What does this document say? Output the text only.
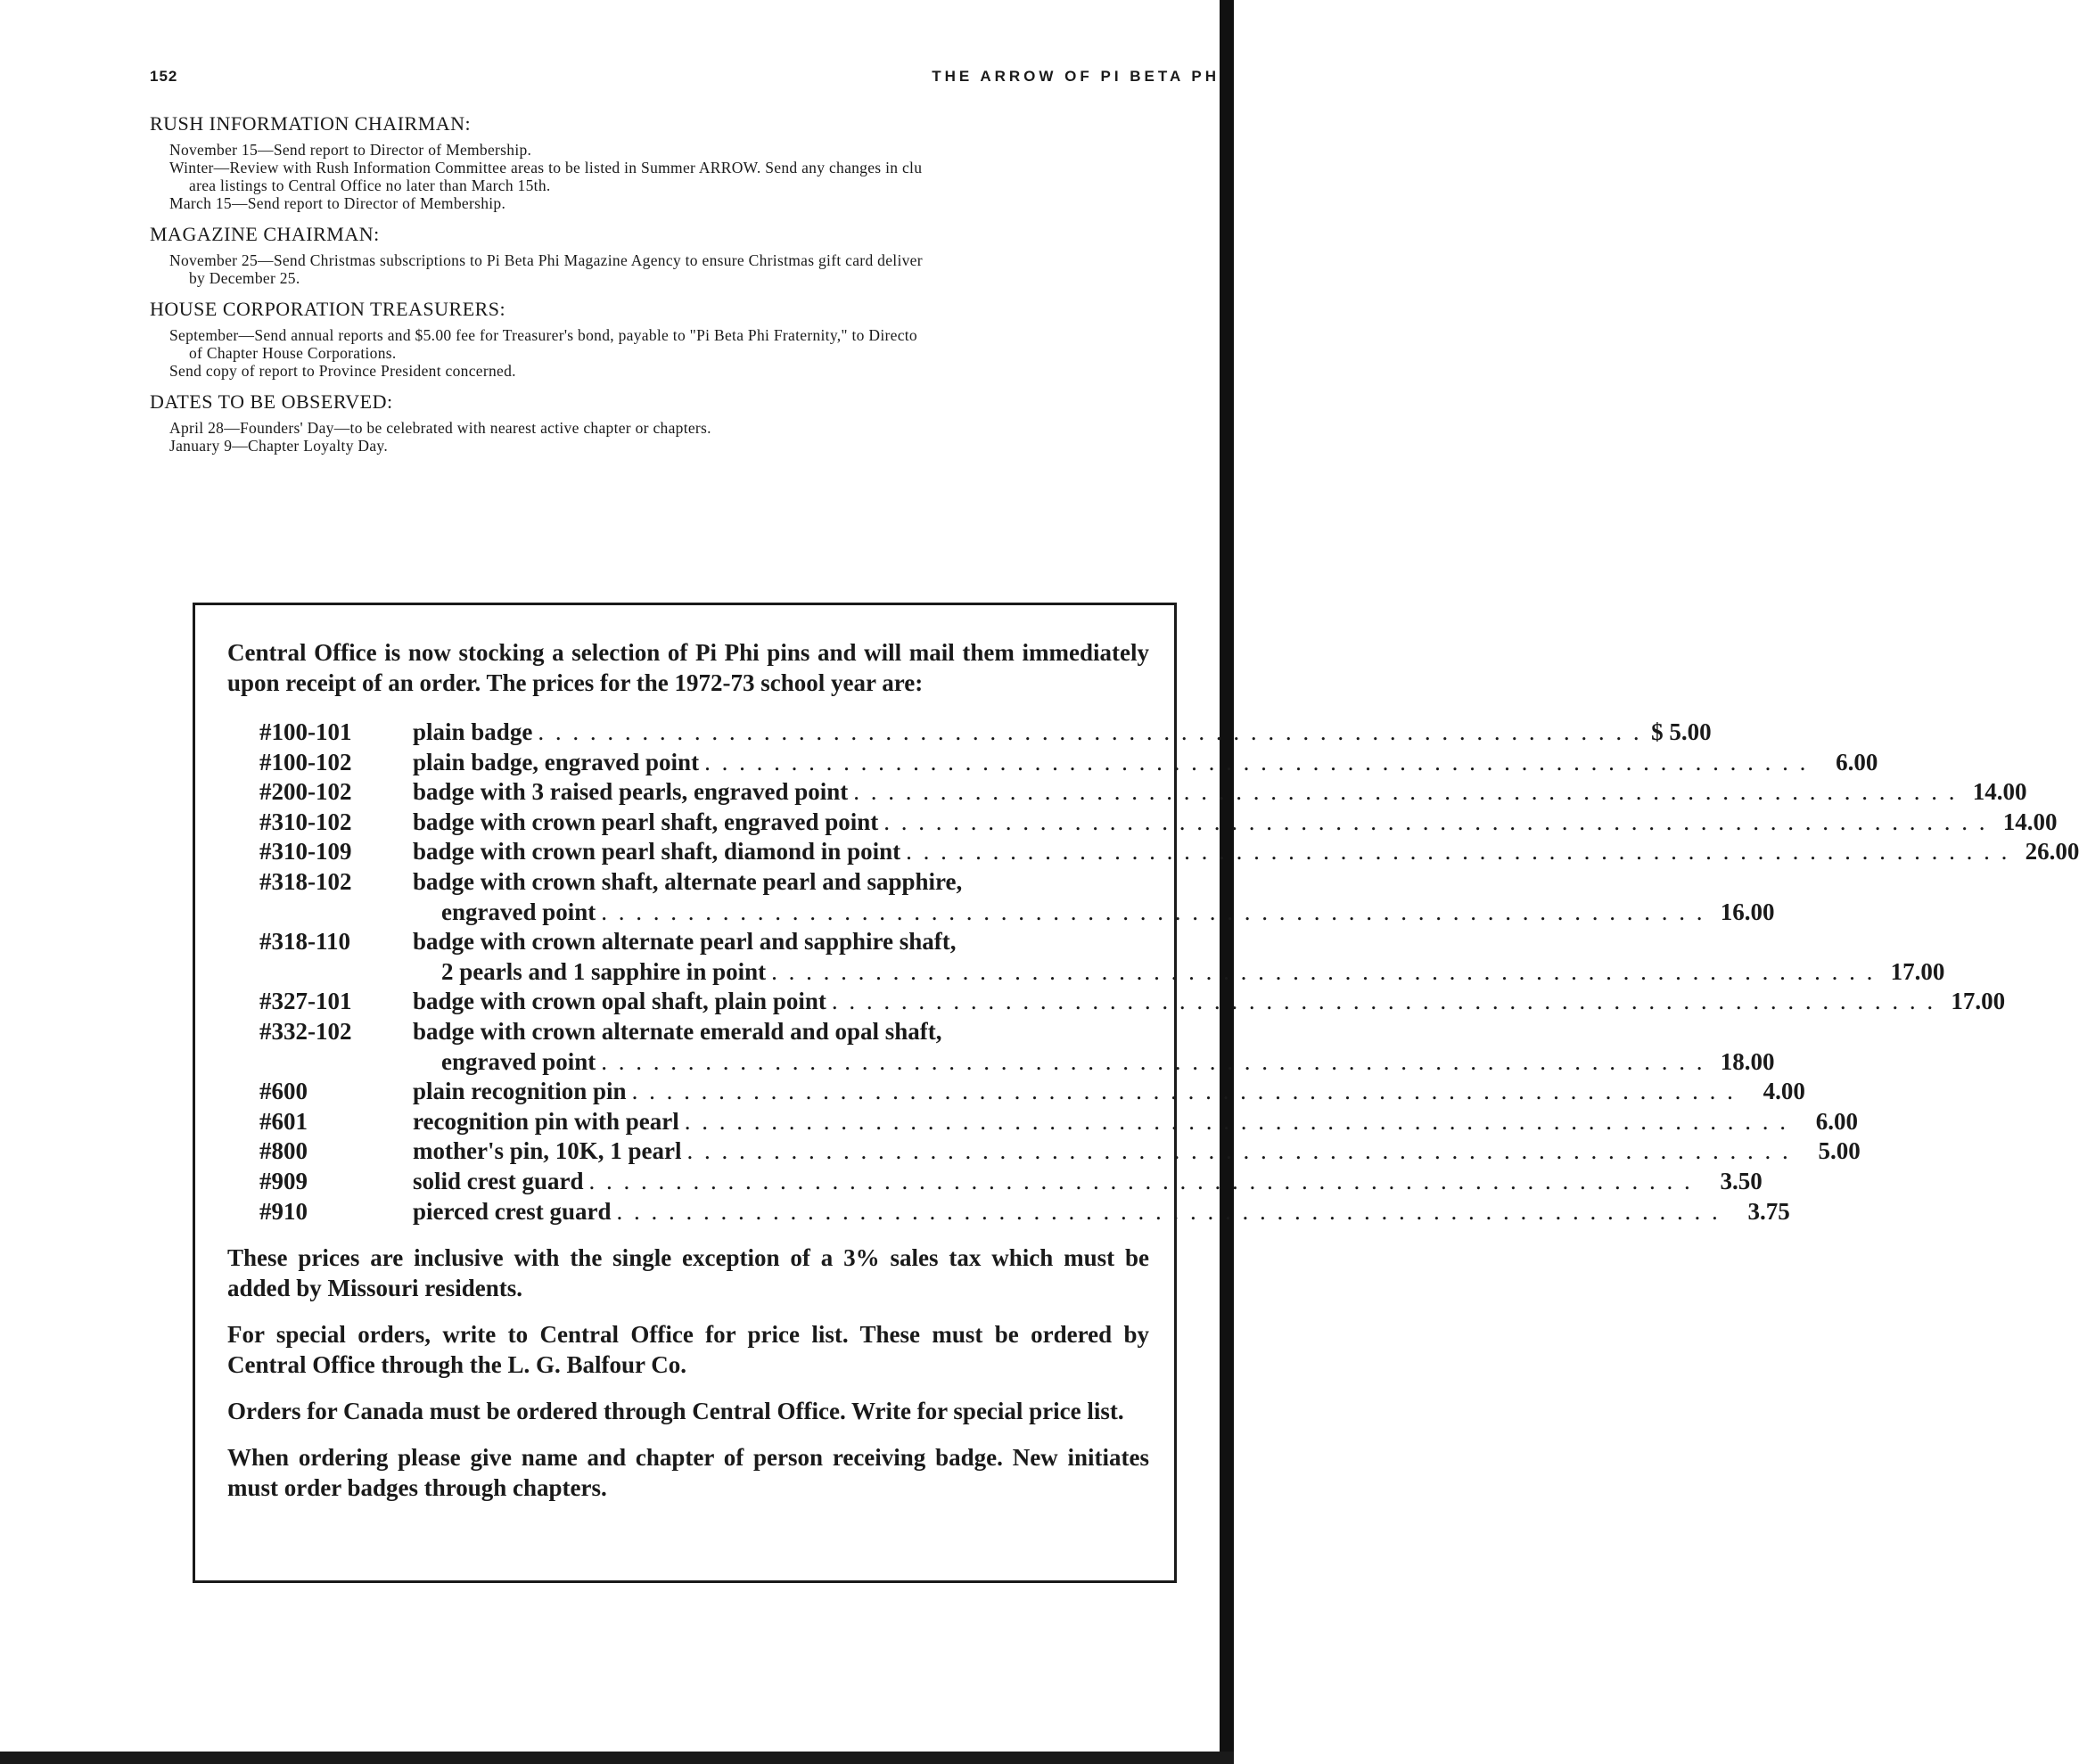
152	THE ARROW OF PI BETA PH
RUSH INFORMATION CHAIRMAN:
November 15—Send report to Director of Membership.
Winter—Review with Rush Information Committee areas to be listed in Summer ARROW. Send any changes in clu
area listings to Central Office no later than March 15th.
March 15—Send report to Director of Membership.
MAGAZINE CHAIRMAN:
November 25—Send Christmas subscriptions to Pi Beta Phi Magazine Agency to ensure Christmas gift card deliver
by December 25.
HOUSE CORPORATION TREASURERS:
September—Send annual reports and $5.00 fee for Treasurer's bond, payable to "Pi Beta Phi Fraternity," to Directo
of Chapter House Corporations.
Send copy of report to Province President concerned.
DATES TO BE OBSERVED:
April 28—Founders' Day—to be celebrated with nearest active chapter or chapters.
January 9—Chapter Loyalty Day.

Central Office is now stocking a selection of Pi Phi pins and will mail them immediately upon receipt of an order. The prices for the 1972-73 school year are:

#100-101	plain badge . . . . . . . . . . . . . . . . . . . . . . . . . . . . . . . . . . . . . . . . . . . . . . . . . . . . . . . . . . . . . . . . $ 5.00
#100-102	plain badge, engraved point . . . . . . . . . . . . . . . . . . . . . . . . . . . . . . . . . . . . . . . . . . . . . . . . . . . . . . . . . . . . . . . .	6.00
#200-102	badge with 3 raised pearls, engraved point . . . . . . . . . . . . . . . . . . . . . . . . . . . . . . . . . . . . . . . . . . . . . . . . . . . . . . . . . . . . . . . . 14.00
#310-102	badge with crown pearl shaft, engraved point . . . . . . . . . . . . . . . . . . . . . . . . . . . . . . . . . . . . . . . . . . . . . . . . . . . . . . . . . . . . . . . . 14.00
#310-109	badge with crown pearl shaft, diamond in point . . . . . . . . . . . . . . . . . . . . . . . . . . . . . . . . . . . . . . . . . . . . . . . . . . . . . . . . . . . . . . . . 26.00
#318-102	badge with crown shaft, alternate pearl and sapphire,
engraved point . . . . . . . . . . . . . . . . . . . . . . . . . . . . . . . . . . . . . . . . . . . . . . . . . . . . . . . . . . . . . . . . 16.00
#318-110	badge with crown alternate pearl and sapphire shaft,
2 pearls and 1 sapphire in point . . . . . . . . . . . . . . . . . . . . . . . . . . . . . . . . . . . . . . . . . . . . . . . . . . . . . . . . . . . . . . . . 17.00
#327-101	badge with crown opal shaft, plain point . . . . . . . . . . . . . . . . . . . . . . . . . . . . . . . . . . . . . . . . . . . . . . . . . . . . . . . . . . . . . . . . 17.00
#332-102	badge with crown alternate emerald and opal shaft,
engraved point . . . . . . . . . . . . . . . . . . . . . . . . . . . . . . . . . . . . . . . . . . . . . . . . . . . . . . . . . . . . . . . . 18.00
#600	plain recognition pin . . . . . . . . . . . . . . . . . . . . . . . . . . . . . . . . . . . . . . . . . . . . . . . . . . . . . . . . . . . . . . . .	4.00
#601	recognition pin with pearl . . . . . . . . . . . . . . . . . . . . . . . . . . . . . . . . . . . . . . . . . . . . . . . . . . . . . . . . . . . . . . . .	6.00
#800	mother's pin, 10K, 1 pearl . . . . . . . . . . . . . . . . . . . . . . . . . . . . . . . . . . . . . . . . . . . . . . . . . . . . . . . . . . . . . . . .	5.00
#909	solid crest guard . . . . . . . . . . . . . . . . . . . . . . . . . . . . . . . . . . . . . . . . . . . . . . . . . . . . . . . . . . . . . . . .	3.50
#910	pierced crest guard . . . . . . . . . . . . . . . . . . . . . . . . . . . . . . . . . . . . . . . . . . . . . . . . . . . . . . . . . . . . . . . .	3.75

These prices are inclusive with the single exception of a 3% sales tax which must be added by Missouri residents.

For special orders, write to Central Office for price list. These must be ordered by Central Office through the L. G. Balfour Co.

Orders for Canada must be ordered through Central Office. Write for special price list.

When ordering please give name and chapter of person receiving badge. New initiates must order badges through chapters.
